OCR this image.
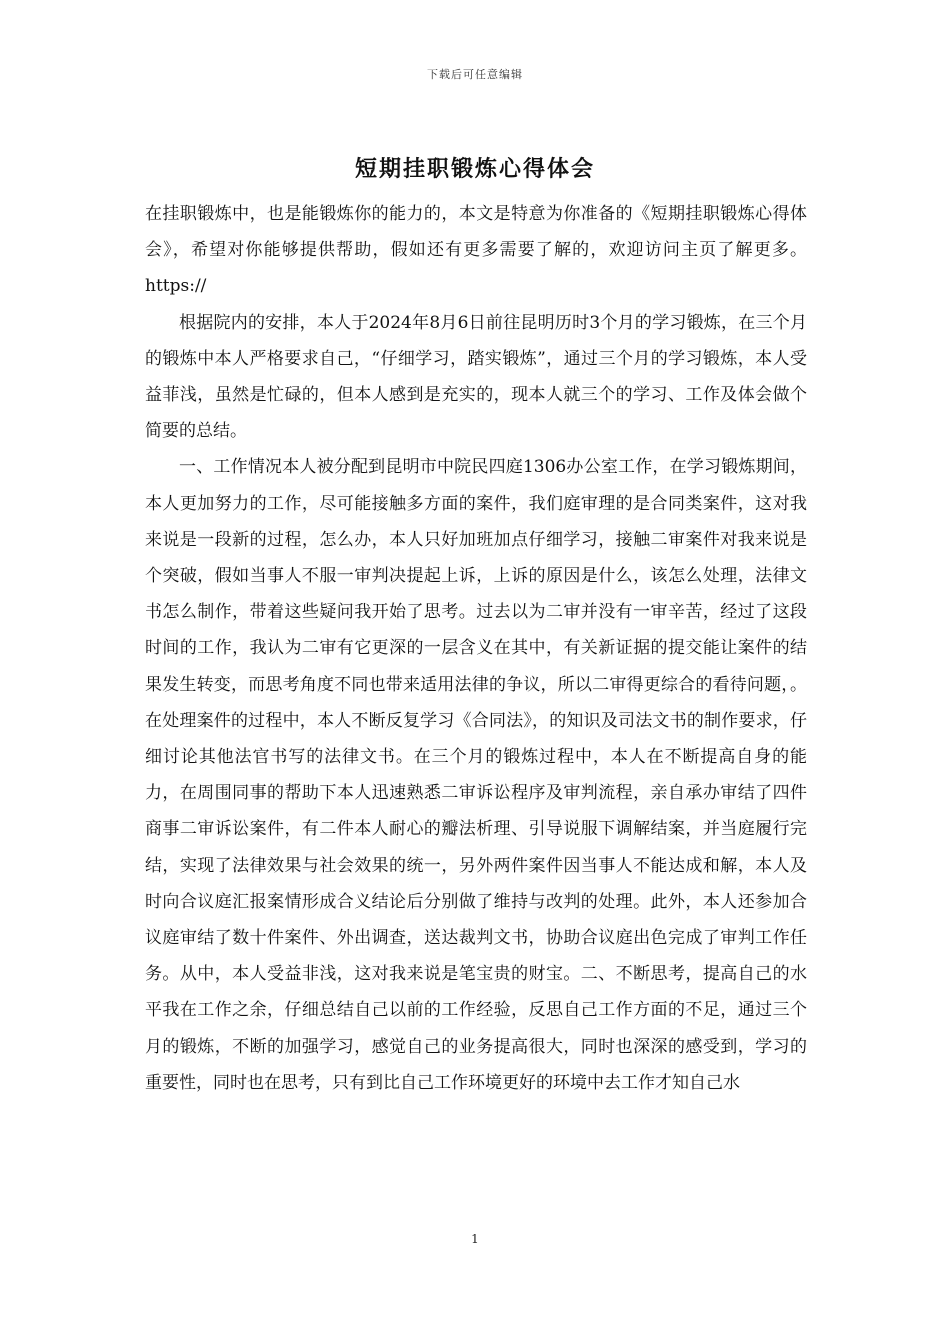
下载后可任意编辑
短期挂职锻炼心得体会

在挂职锻炼中，也是能锻炼你的能力的，本文是特意为你准备的《短期挂职锻炼心得体会》，希望对你能够提供帮助，假如还有更多需要了解的，欢迎访问主页了解更多。https://

根据院内的安排，本人于2024年8月6日前往昆明历时3个月的学习锻炼，在三个月的锻炼中本人严格要求自己，“仔细学习，踏实锻炼”，通过三个月的学习锻炼，本人受益菲浅，虽然是忙碌的，但本人感到是充实的，现本人就三个的学习、工作及体会做个简要的总结。

一、工作情况本人被分配到昆明市中院民四庭1306办公室工作，在学习锻炼期间，本人更加努力的工作，尽可能接触多方面的案件，我们庭审理的是合同类案件，这对我来说是一段新的过程，怎么办，本人只好加班加点仔细学习，接触二审案件对我来说是个突破，假如当事人不服一审判决提起上诉，上诉的原因是什么，该怎么处理，法律文书怎么制作，带着这些疑问我开始了思考。过去以为二审并没有一审辛苦，经过了这段时间的工作，我认为二审有它更深的一层含义在其中，有关新证据的提交能让案件的结果发生转变，而思考角度不同也带来适用法律的争议，所以二审得更综合的看待问题，。在处理案件的过程中，本人不断反复学习《合同法》，的知识及司法文书的制作要求，仔细讨论其他法官书写的法律文书。在三个月的锻炼过程中，本人在不断提高自身的能力，在周围同事的帮助下本人迅速熟悉二审诉讼程序及审判流程，亲自承办审结了四件商事二审诉讼案件，有二件本人耐心的瓣法析理、引导说服下调解结案，并当庭履行完结，实现了法律效果与社会效果的统一，另外两件案件因当事人不能达成和解，本人及时向合议庭汇报案情形成合义结论后分别做了维持与改判的处理。此外，本人还参加合议庭审结了数十件案件、外出调查，送达裁判文书，协助合议庭出色完成了审判工作任务。从中，本人受益非浅，这对我来说是笔宝贵的财宝。二、不断思考，提高自己的水平我在工作之余，仔细总结自己以前的工作经验，反思自己工作方面的不足，通过三个月的锻炼，不断的加强学习，感觉自己的业务提高很大，同时也深深的感受到，学习的重要性，同时也在思考，只有到比自己工作环境更好的环境中去工作才知自己水

1
